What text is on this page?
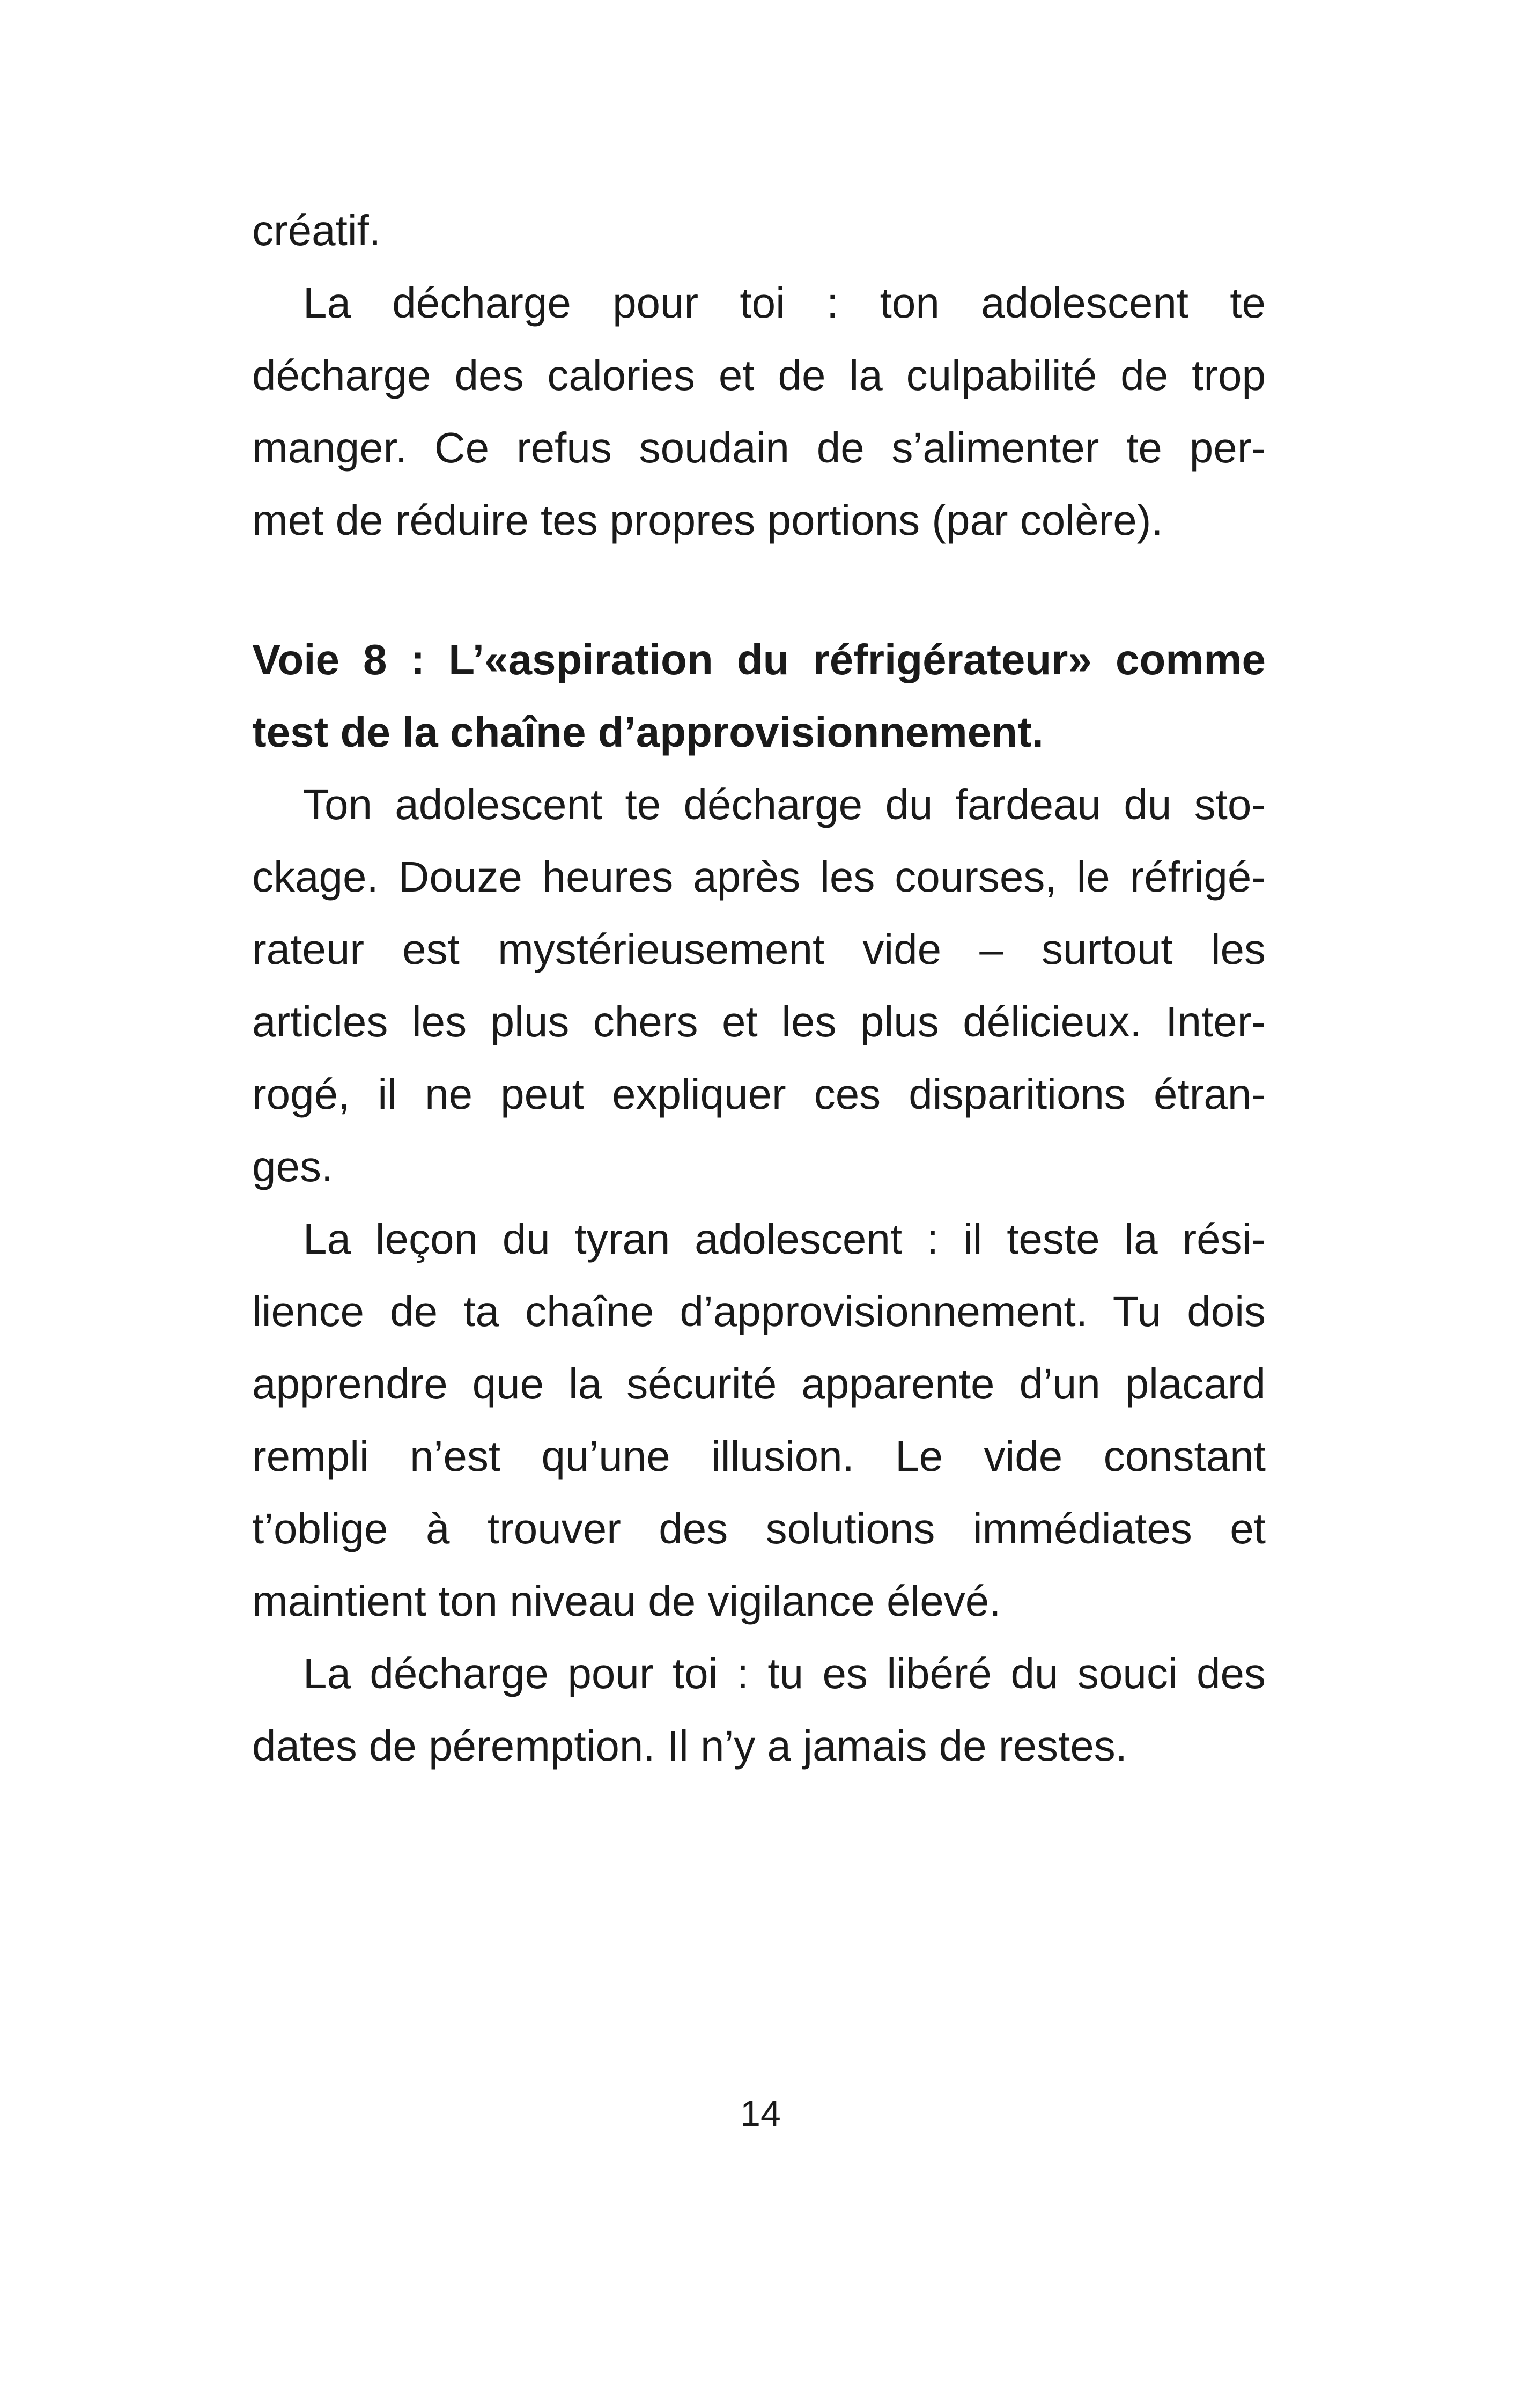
créatif.
La décharge pour toi : ton adolescent te
décharge des calories et de la culpabilité de trop
manger. Ce refus soudain de s’alimenter te per-
met de réduire tes propres portions (par colère).
Voie 8 : L’«aspiration du réfrigérateur» comme
test de la chaîne d’approvisionnement.
Ton adolescent te décharge du fardeau du sto-
ckage. Douze heures après les courses, le réfrigé-
rateur est mystérieusement vide – surtout les
articles les plus chers et les plus délicieux. Inter-
rogé, il ne peut expliquer ces disparitions étran-
ges.
La leçon du tyran adolescent : il teste la rési-
lience de ta chaîne d’approvisionnement. Tu dois
apprendre que la sécurité apparente d’un placard
rempli n’est qu’une illusion. Le vide constant
t’oblige à trouver des solutions immédiates et
maintient ton niveau de vigilance élevé.
La décharge pour toi : tu es libéré du souci des
dates de péremption. Il n’y a jamais de restes.
14
